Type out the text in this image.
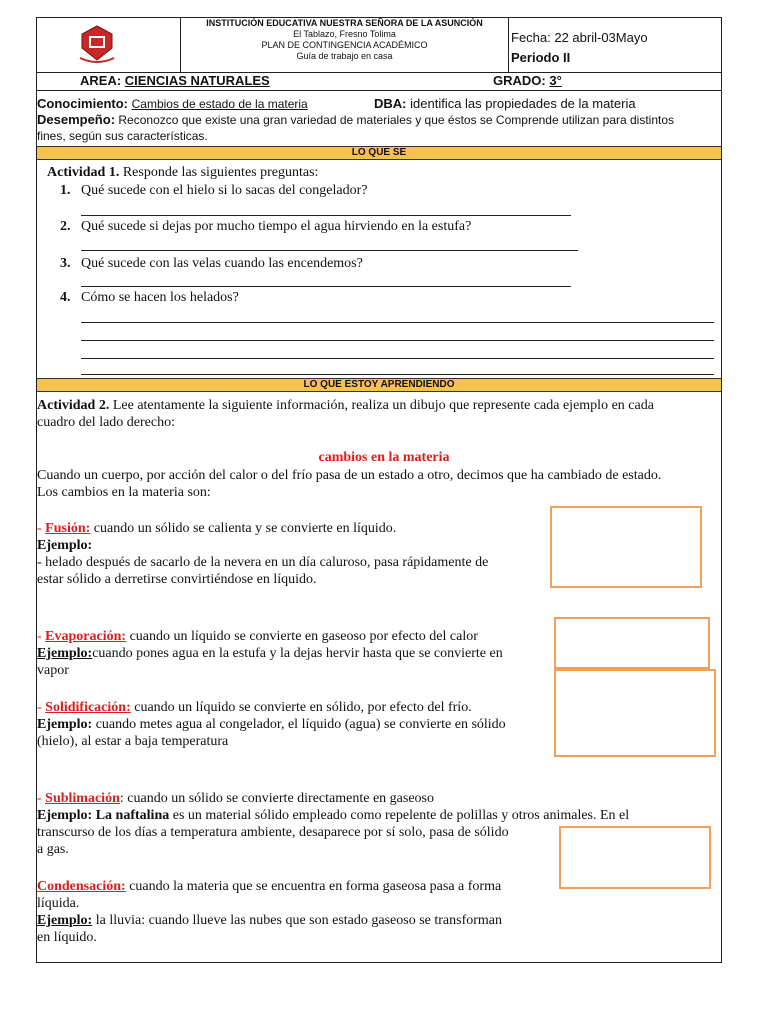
INSTITUCIÓN EDUCATIVA NUESTRA SEÑORA DE LA ASUNCIÓN
El Tablazo, Fresno Tolima
PLAN DE CONTINGENCIA ACADÉMICO
Guía de trabajo en casa
Fecha: 22 abril-03Mayo
Periodo II
AREA: CIENCIAS NATURALES	GRADO: 3°
Conocimiento: Cambios de estado de la materia	DBA: identifica las propiedades de la materia
Desempeño: Reconozco que existe una gran variedad de materiales y que éstos se Comprende utilizan para distintos
fines, según sus características.
LO QUE SE
Actividad 1. Responde las siguientes preguntas:
1. Qué sucede con el hielo si lo sacas del congelador?
2. Qué sucede si dejas por mucho tiempo el agua hirviendo en la estufa?
3. Qué sucede con las velas cuando las encendemos?
4. Cómo se hacen los helados?
LO QUE ESTOY APRENDIENDO
Actividad 2. Lee atentamente la siguiente información, realiza un dibujo que represente cada ejemplo en cada
cuadro del lado derecho:
cambios en la materia
Cuando un cuerpo, por acción del calor o del frío pasa de un estado a otro, decimos que ha cambiado de estado.
Los cambios en la materia son:
- Fusión: cuando un sólido se calienta y se convierte en líquido.
Ejemplo:
- helado después de sacarlo de la nevera en un día caluroso, pasa rápidamente de
estar sólido a derretirse convirtiéndose en líquido.
- Evaporación: cuando un líquido se convierte en gaseoso por efecto del calor
Ejemplo:cuando pones agua en la estufa y la dejas hervir hasta que se convierte en
vapor
- Solidificación: cuando un líquido se convierte en sólido, por efecto del frío.
Ejemplo: cuando metes agua al congelador, el líquido (agua) se convierte en sólido
(hielo), al estar a baja temperatura
- Sublimación: cuando un sólido se convierte directamente en gaseoso
Ejemplo: La naftalina es un material sólido empleado como repelente de polillas y otros animales. En el
transcurso de los días a temperatura ambiente, desaparece por sí solo, pasa de sólido
a gas.
Condensación: cuando la materia que se encuentra en forma gaseosa pasa a forma
líquida.
Ejemplo: la lluvia: cuando llueve las nubes que son estado gaseoso se transforman
en líquido.
